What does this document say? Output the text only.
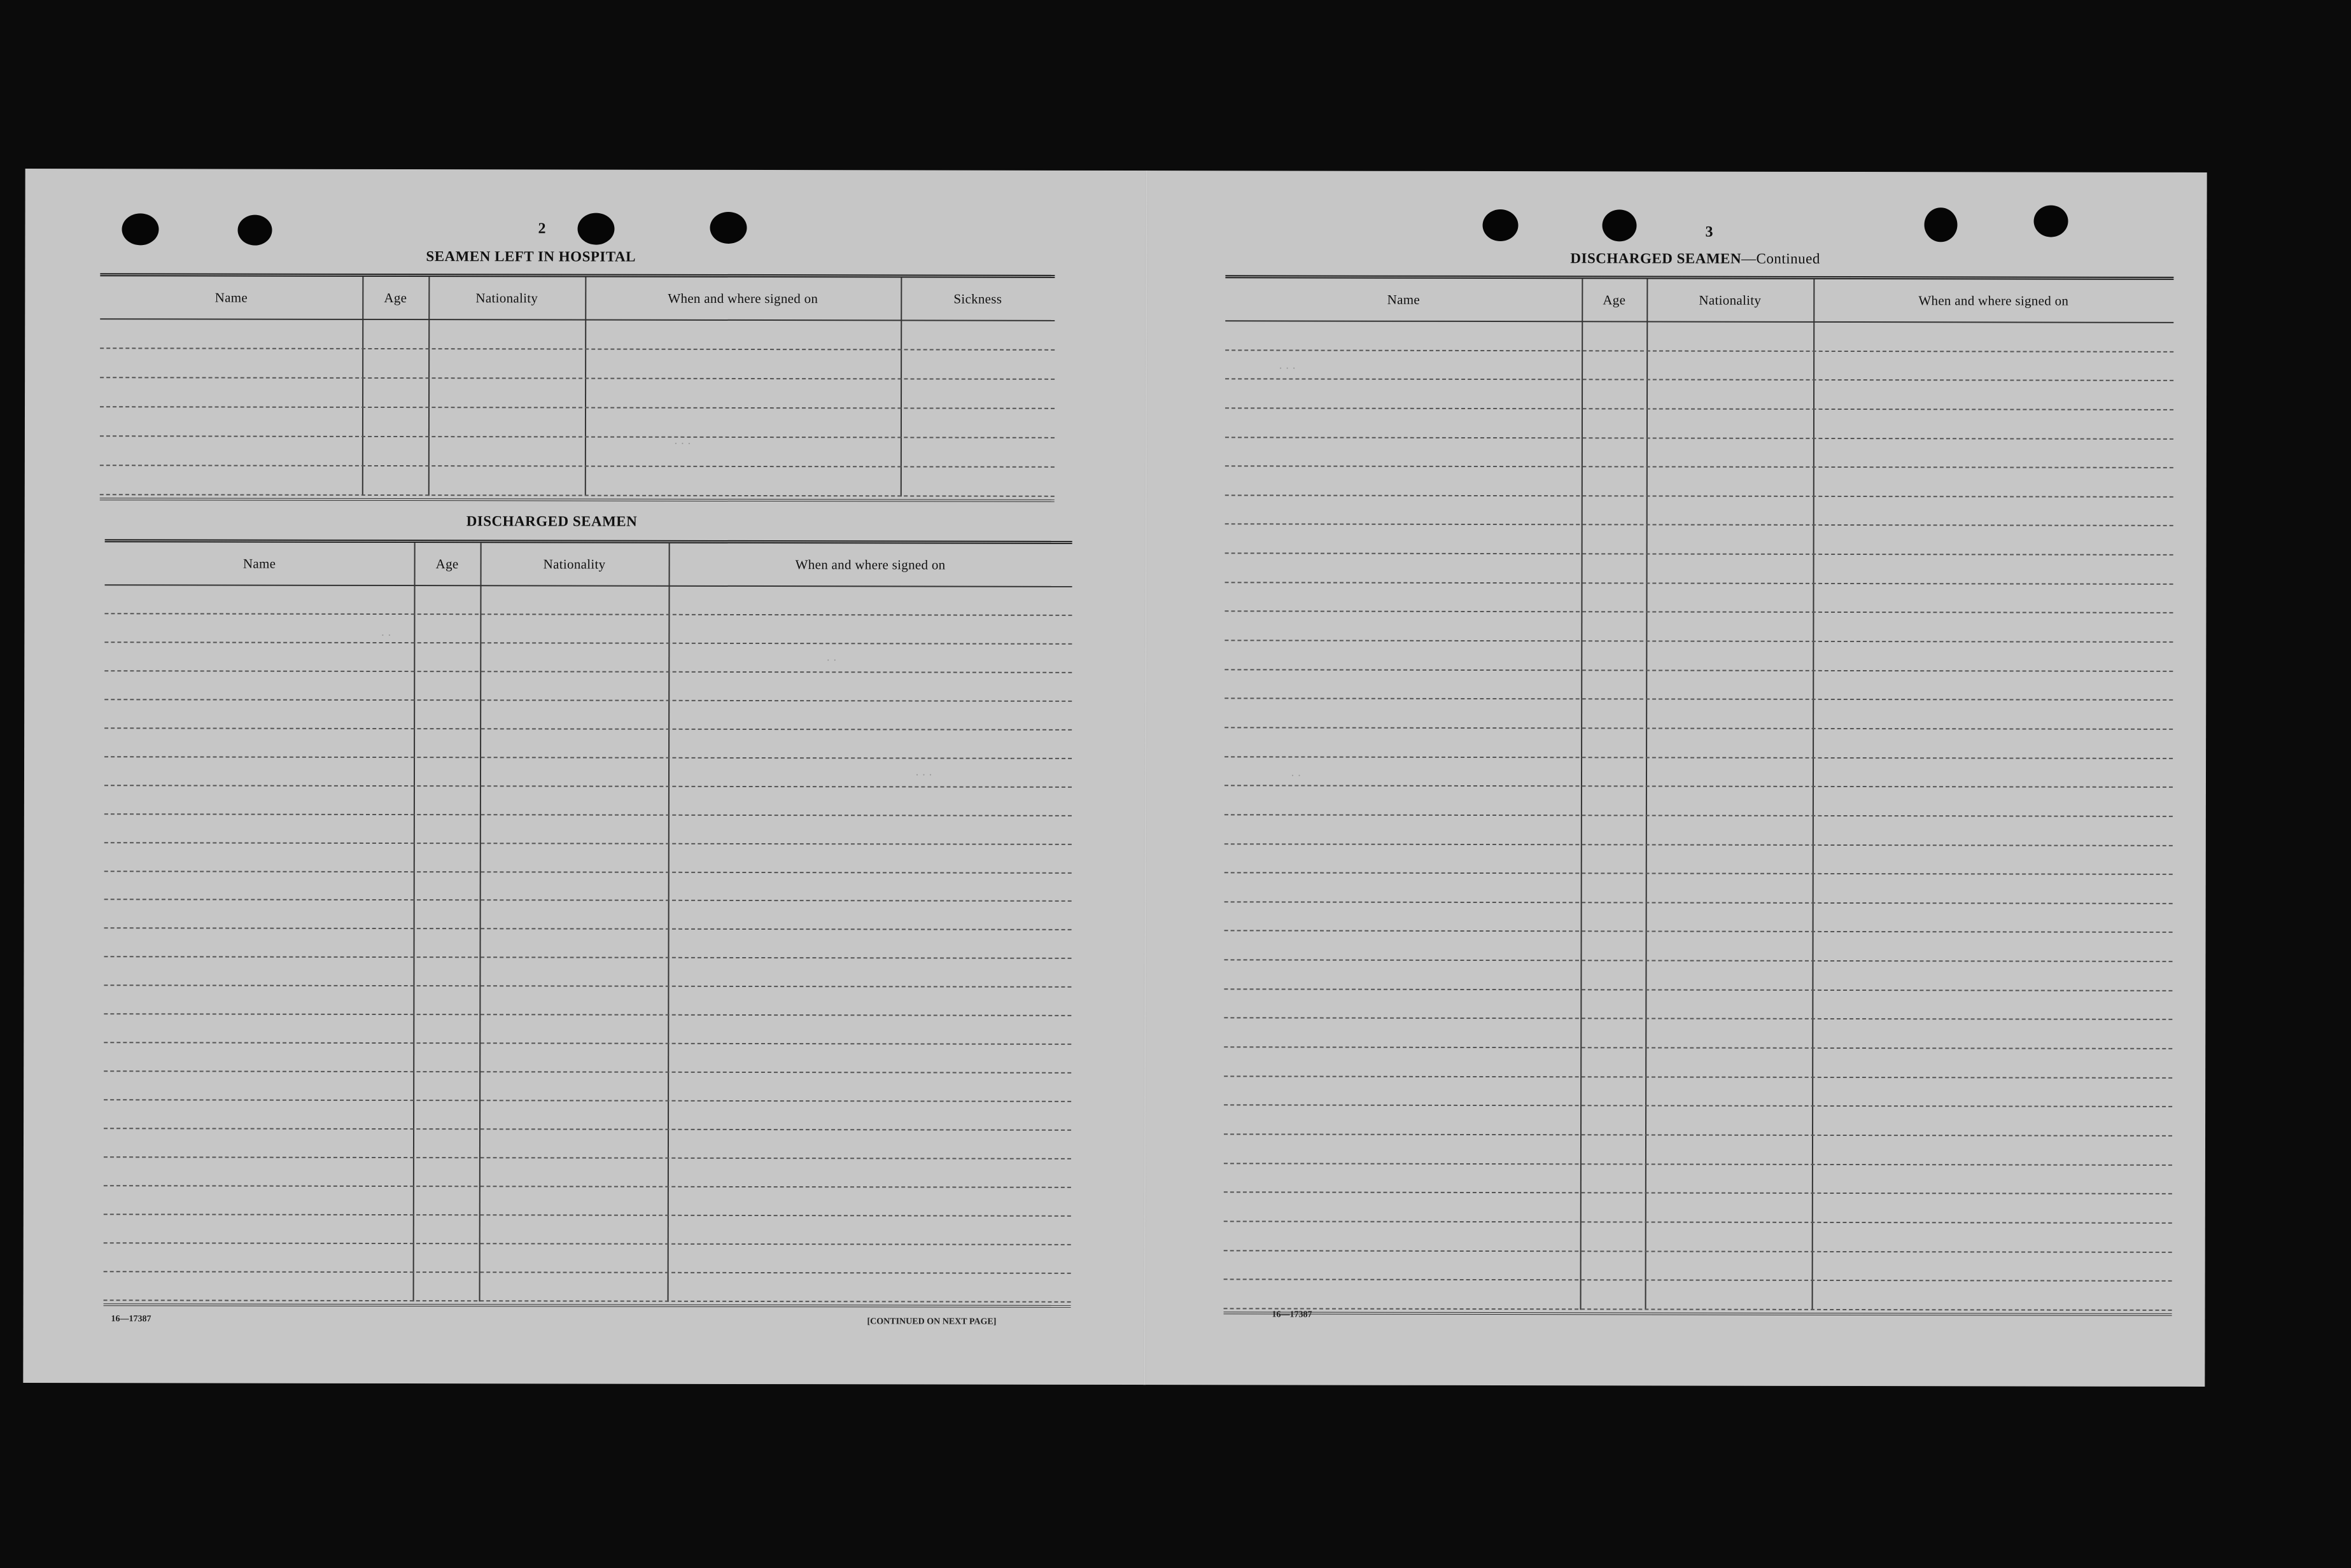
2
SEAMEN LEFT IN HOSPITAL
Name	Age	Nationality	When and where signed on	Sickness
DISCHARGED SEAMEN
Name	Age	Nationality	When and where signed on
16—17387	[CONTINUED ON NEXT PAGE]
3
DISCHARGED SEAMEN—Continued
Name	Age	Nationality	When and where signed on
16—17387
· · ·
· ·
· ·
· · ·
· · ·
· ·
